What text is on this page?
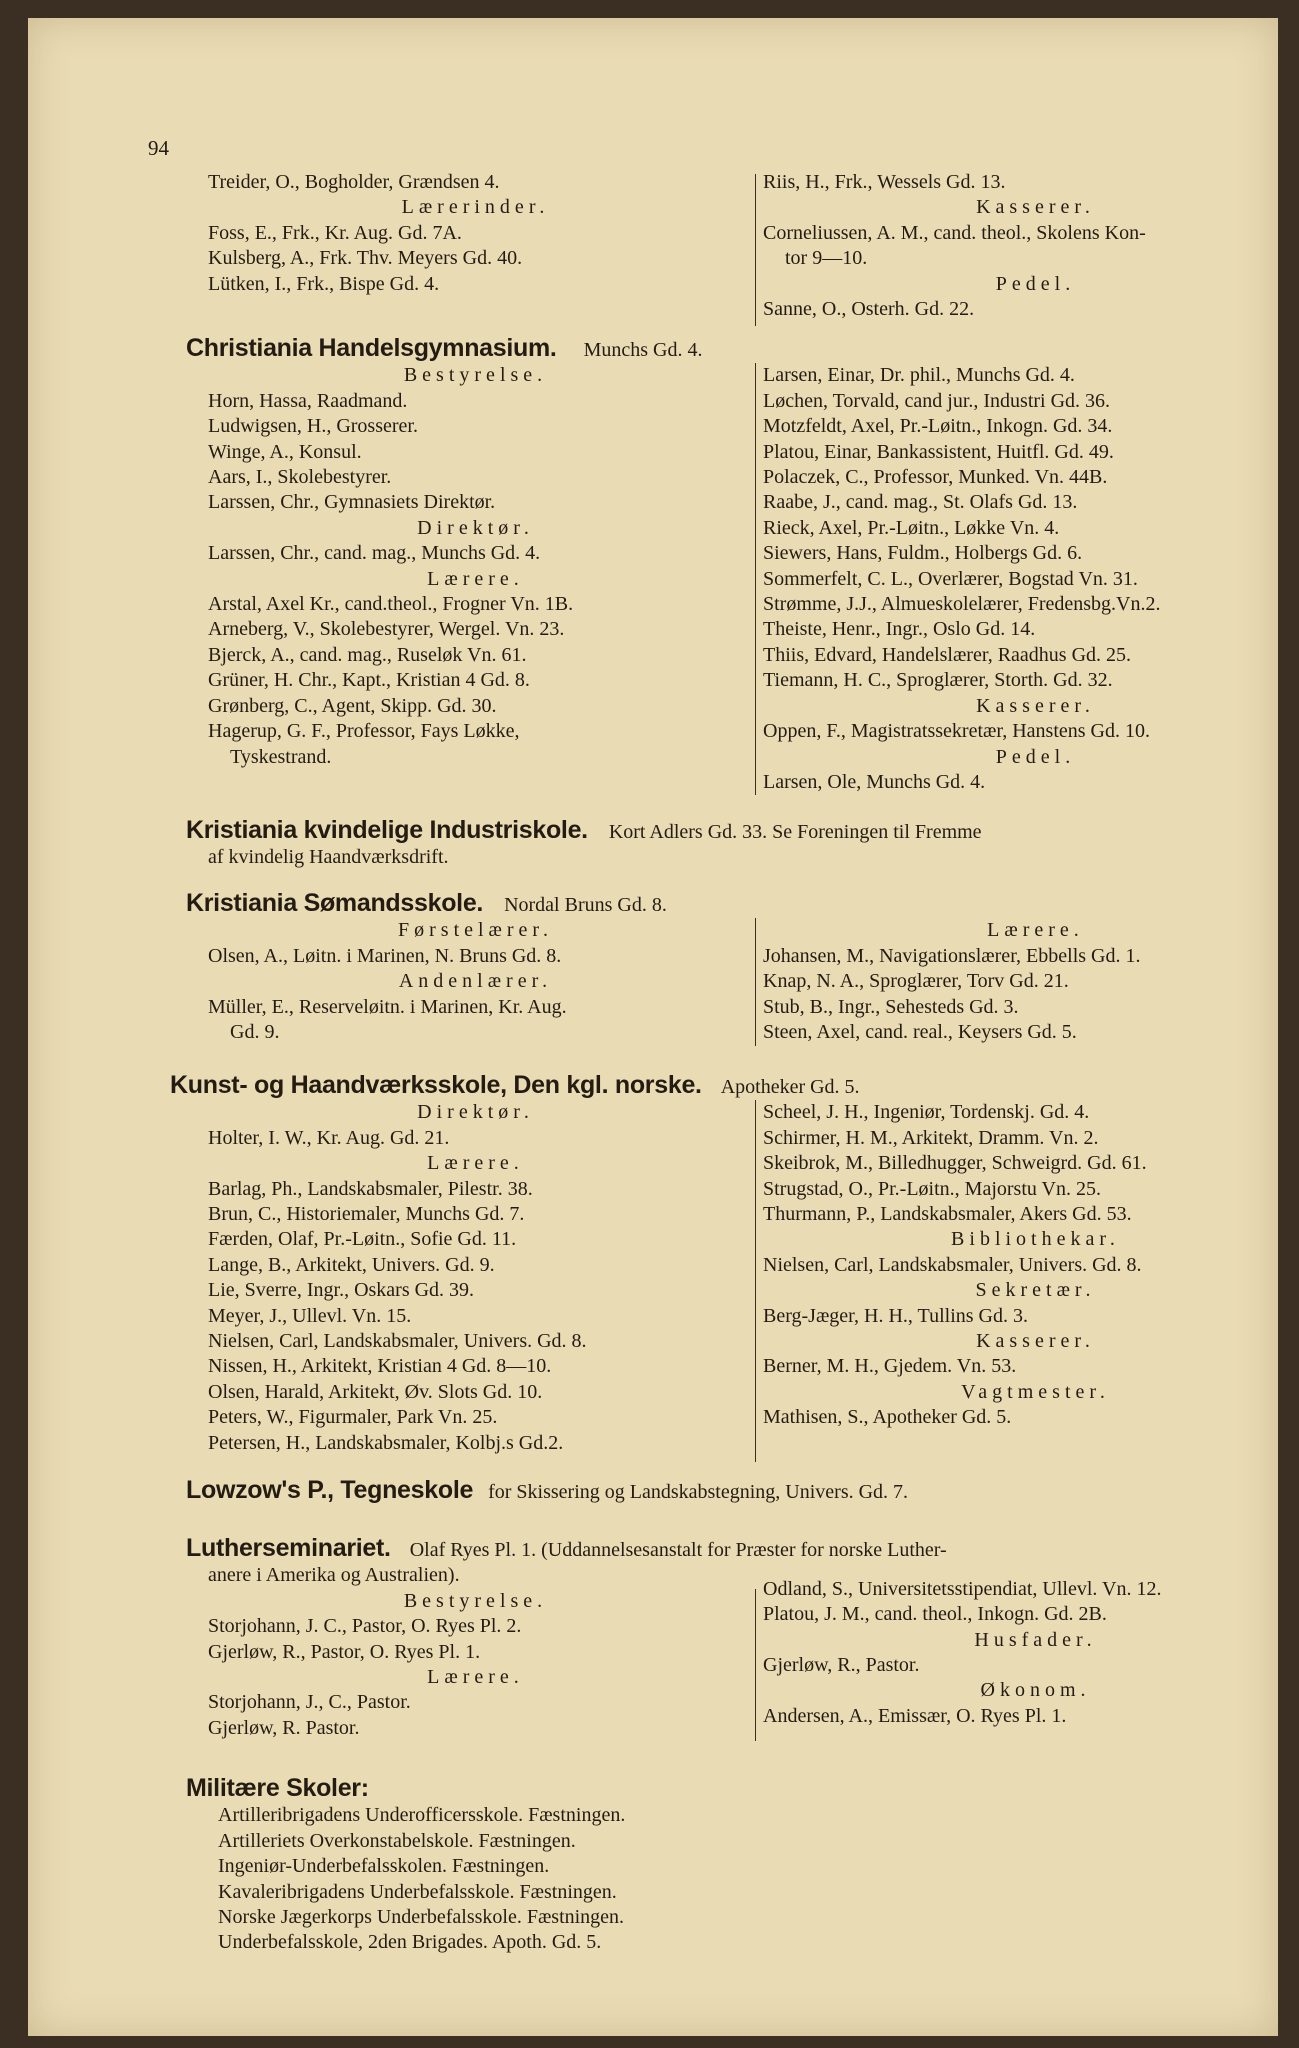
94
Treider, O., Bogholder, Grændsen 4.
Lærerinder.
Foss, E., Frk., Kr. Aug. Gd. 7A.
Kulsberg, A., Frk. Thv. Meyers Gd. 40.
Lütken, I., Frk., Bispe Gd. 4.
Riis, H., Frk., Wessels Gd. 13.
Kasserer.
Corneliussen, A. M., cand. theol., Skolens Kon-
tor 9—10.
Pedel.
Sanne, O., Osterh. Gd. 22.
Christiania Handelsgymnasium. Munchs Gd. 4.
Bestyrelse.
Horn, Hassa, Raadmand.
Ludwigsen, H., Grosserer.
Winge, A., Konsul.
Aars, I., Skolebestyrer.
Larssen, Chr., Gymnasiets Direktør.
Direktør.
Larssen, Chr., cand. mag., Munchs Gd. 4.
Lærere.
Arstal, Axel Kr., cand.theol., Frogner Vn. 1B.
Arneberg, V., Skolebestyrer, Wergel. Vn. 23.
Bjerck, A., cand. mag., Ruseløk Vn. 61.
Grüner, H. Chr., Kapt., Kristian 4 Gd. 8.
Grønberg, C., Agent, Skipp. Gd. 30.
Hagerup, G. F., Professor, Fays Løkke,
Tyskestrand.
Larsen, Einar, Dr. phil., Munchs Gd. 4.
Løchen, Torvald, cand jur., Industri Gd. 36.
Motzfeldt, Axel, Pr.-Løitn., Inkogn. Gd. 34.
Platou, Einar, Bankassistent, Huitfl. Gd. 49.
Polaczek, C., Professor, Munked. Vn. 44B.
Raabe, J., cand. mag., St. Olafs Gd. 13.
Rieck, Axel, Pr.-Løitn., Løkke Vn. 4.
Siewers, Hans, Fuldm., Holbergs Gd. 6.
Sommerfelt, C. L., Overlærer, Bogstad Vn. 31.
Strømme, J.J., Almueskolelærer, Fredensbg.Vn.2.
Theiste, Henr., Ingr., Oslo Gd. 14.
Thiis, Edvard, Handelslærer, Raadhus Gd. 25.
Tiemann, H. C., Sproglærer, Storth. Gd. 32.
Kasserer.
Oppen, F., Magistratssekretær, Hanstens Gd. 10.
Pedel.
Larsen, Ole, Munchs Gd. 4.
Kristiania kvindelige Industriskole. Kort Adlers Gd. 33. Se Foreningen til Fremme
af kvindelig Haandværksdrift.
Kristiania Sømandsskole. Nordal Bruns Gd. 8.
Førstelærer.
Olsen, A., Løitn. i Marinen, N. Bruns Gd. 8.
Andenlærer.
Müller, E., Reserveløitn. i Marinen, Kr. Aug.
Gd. 9.
Lærere.
Johansen, M., Navigationslærer, Ebbells Gd. 1.
Knap, N. A., Sproglærer, Torv Gd. 21.
Stub, B., Ingr., Sehesteds Gd. 3.
Steen, Axel, cand. real., Keysers Gd. 5.
Kunst- og Haandværksskole, Den kgl. norske. Apotheker Gd. 5.
Direktør.
Holter, I. W., Kr. Aug. Gd. 21.
Lærere.
Barlag, Ph., Landskabsmaler, Pilestr. 38.
Brun, C., Historiemaler, Munchs Gd. 7.
Færden, Olaf, Pr.-Løitn., Sofie Gd. 11.
Lange, B., Arkitekt, Univers. Gd. 9.
Lie, Sverre, Ingr., Oskars Gd. 39.
Meyer, J., Ullevl. Vn. 15.
Nielsen, Carl, Landskabsmaler, Univers. Gd. 8.
Nissen, H., Arkitekt, Kristian 4 Gd. 8—10.
Olsen, Harald, Arkitekt, Øv. Slots Gd. 10.
Peters, W., Figurmaler, Park Vn. 25.
Petersen, H., Landskabsmaler, Kolbj.s Gd.2.
Scheel, J. H., Ingeniør, Tordenskj. Gd. 4.
Schirmer, H. M., Arkitekt, Dramm. Vn. 2.
Skeibrok, M., Billedhugger, Schweigrd. Gd. 61.
Strugstad, O., Pr.-Løitn., Majorstu Vn. 25.
Thurmann, P., Landskabsmaler, Akers Gd. 53.
Bibliothekar.
Nielsen, Carl, Landskabsmaler, Univers. Gd. 8.
Sekretær.
Berg-Jæger, H. H., Tullins Gd. 3.
Kasserer.
Berner, M. H., Gjedem. Vn. 53.
Vagtmester.
Mathisen, S., Apotheker Gd. 5.
Lowzow's P., Tegneskole for Skissering og Landskabstegning, Univers. Gd. 7.
Lutherseminariet. Olaf Ryes Pl. 1. (Uddannelsesanstalt for Præster for norske Luther-
anere i Amerika og Australien).
Bestyrelse.
Storjohann, J. C., Pastor, O. Ryes Pl. 2.
Gjerløw, R., Pastor, O. Ryes Pl. 1.
Lærere.
Storjohann, J., C., Pastor.
Gjerløw, R. Pastor.
Odland, S., Universitetsstipendiat, Ullevl. Vn. 12.
Platou, J. M., cand. theol., Inkogn. Gd. 2B.
Husfader.
Gjerløw, R., Pastor.
Økonom.
Andersen, A., Emissær, O. Ryes Pl. 1.
Militære Skoler:
Artilleribrigadens Underofficersskole. Fæstningen.
Artilleriets Overkonstabelskole. Fæstningen.
Ingeniør-Underbefalsskolen. Fæstningen.
Kavaleribrigadens Underbefalsskole. Fæstningen.
Norske Jægerkorps Underbefalsskole. Fæstningen.
Underbefalsskole, 2den Brigades. Apoth. Gd. 5.
